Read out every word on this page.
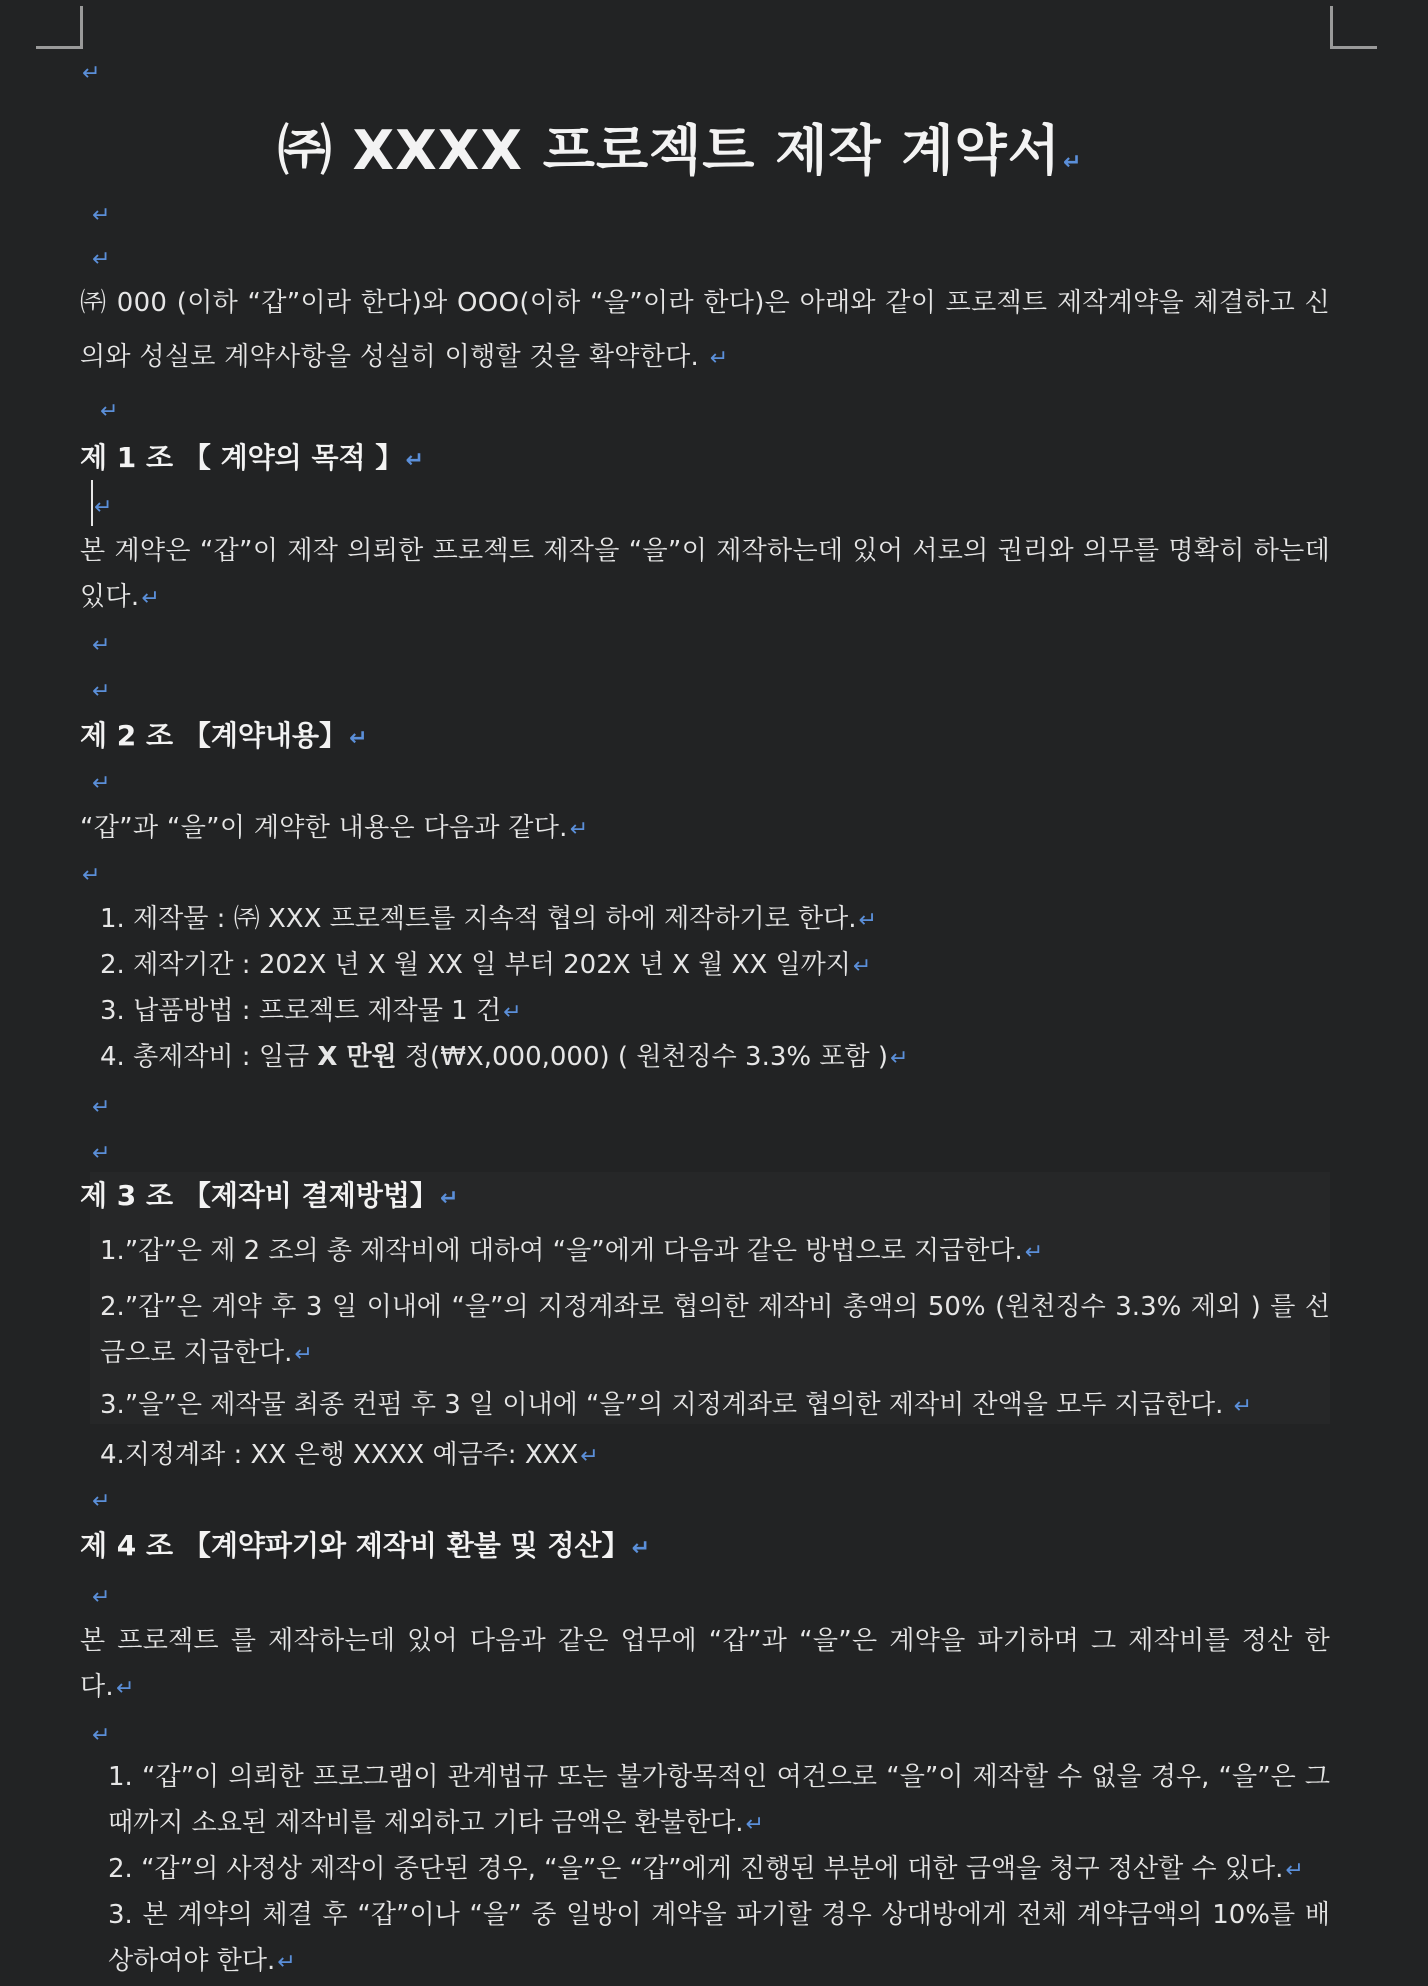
↵
㈜ XXXX 프로젝트 제작 계약서↵
↵
↵
㈜ 000 (이하 “갑”이라 한다)와 OOO(이하 “을”이라 한다)은 아래와 같이 프로젝트 제작계약을 체결하고 신의와 성실로 계약사항을 성실히 이행할 것을 확약한다. ↵
↵
제 1 조 【 계약의 목적 】↵
↵
본 계약은 “갑”이 제작 의뢰한 프로젝트 제작을 “을”이 제작하는데 있어 서로의 권리와 의무를 명확히 하는데 있다.↵
↵
↵
제 2 조 【계약내용】↵
↵
“갑”과 “을”이 계약한 내용은 다음과 같다.↵
↵
1. 제작물 : ㈜ XXX 프로젝트를 지속적 협의 하에 제작하기로 한다.↵
2. 제작기간 : 202X 년 X 월 XX 일 부터 202X 년 X 월 XX 일까지↵
3. 납품방법 : 프로젝트 제작물 1 건↵
4. 총제작비 : 일금 X 만원 정(₩X,000,000) ( 원천징수 3.3% 포함 )↵
↵
↵
제 3 조 【제작비 결제방법】↵
1.”갑”은 제 2 조의 총 제작비에 대하여 “을”에게 다음과 같은 방법으로 지급한다.↵
2.”갑”은 계약 후 3 일 이내에 “을”의 지정계좌로 협의한 제작비 총액의 50% (원천징수 3.3% 제외 ) 를 선금으로 지급한다.↵
3.”을”은 제작물 최종 컨펌 후 3 일 이내에 “을”의 지정계좌로 협의한 제작비 잔액을 모두 지급한다. ↵
4.지정계좌 : XX 은행 XXXX 예금주: XXX↵
↵
제 4 조 【계약파기와 제작비 환불 및 정산】↵
↵
본 프로젝트 를 제작하는데 있어 다음과 같은 업무에 “갑”과 “을”은 계약을 파기하며 그 제작비를 정산 한다.↵
↵
1. “갑”이 의뢰한 프로그램이 관계법규 또는 불가항목적인 여건으로 “을”이 제작할 수 없을 경우, “을”은 그때까지 소요된 제작비를 제외하고 기타 금액은 환불한다.↵
2. “갑”의 사정상 제작이 중단된 경우, “을”은 “갑”에게 진행된 부분에 대한 금액을 청구 정산할 수 있다.↵
3. 본 계약의 체결 후 “갑”이나 “을” 중 일방이 계약을 파기할 경우 상대방에게 전체 계약금액의 10%를 배상하여야 한다.↵
